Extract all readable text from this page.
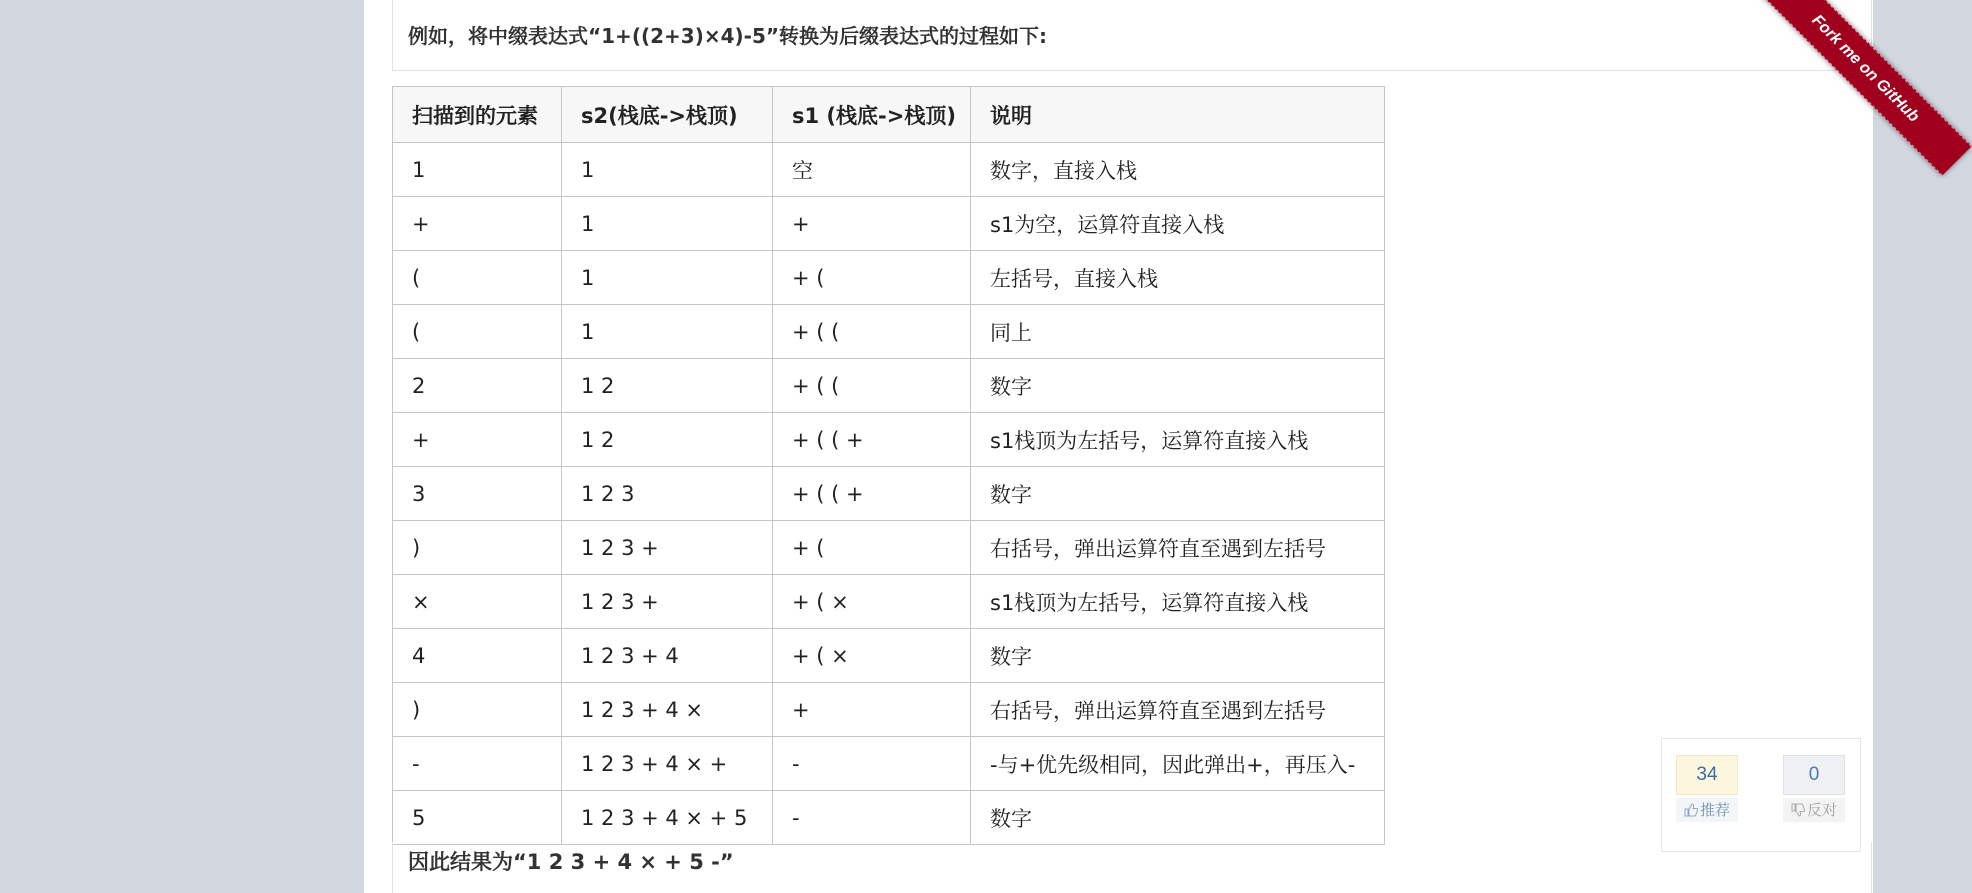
例如，将中缀表达式“1+((2+3)×4)-5”转换为后缀表达式的过程如下:
扫描到的元素	s2(栈底->栈顶)	s1 (栈底->栈顶)	说明
1	1	空	数字，直接入栈
+	1	+	s1为空，运算符直接入栈
(	1	+ (	左括号，直接入栈
(	1	+ ( (	同上
2	1 2	+ ( (	数字
+	1 2	+ ( ( +	s1栈顶为左括号，运算符直接入栈
3	1 2 3	+ ( ( +	数字
)	1 2 3 +	+ (	右括号，弹出运算符直至遇到左括号
×	1 2 3 +	+ ( ×	s1栈顶为左括号，运算符直接入栈
4	1 2 3 + 4	+ ( ×	数字
)	1 2 3 + 4 ×	+	右括号，弹出运算符直至遇到左括号
-	1 2 3 + 4 × +	-	-与+优先级相同，因此弹出+，再压入-
5	1 2 3 + 4 × + 5	-	数字
因此结果为“1 2 3 + 4 × + 5 -”
34
推荐
0
反对
Fork me on GitHub
